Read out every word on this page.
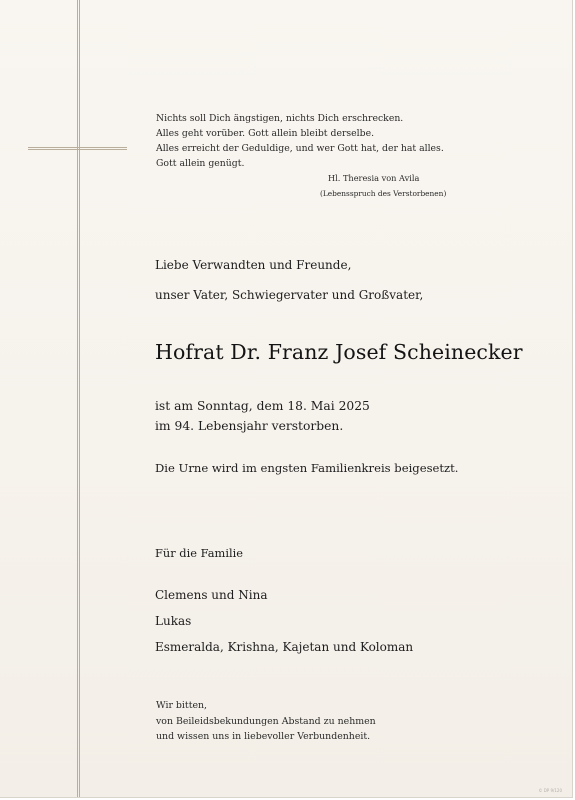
Nichts soll Dich ängstigen, nichts Dich erschrecken.
Alles geht vorüber. Gott allein bleibt derselbe.
Alles erreicht der Geduldige, und wer Gott hat, der hat alles.
Gott allein genügt.
Hl. Theresia von Avila
(Lebensspruch des Verstorbenen)
Liebe Verwandten und Freunde,
unser Vater, Schwiegervater und Großvater,
Hofrat Dr. Franz Josef Scheinecker
ist am Sonntag, dem 18. Mai 2025
im 94. Lebensjahr verstorben.
Die Urne wird im engsten Familienkreis beigesetzt.
Für die Familie
Clemens und Nina
Lukas
Esmeralda, Krishna, Kajetan und Koloman
Wir bitten,
von Beileidsbekundungen Abstand zu nehmen
und wissen uns in liebevoller Verbundenheit.
© DP 9/120
